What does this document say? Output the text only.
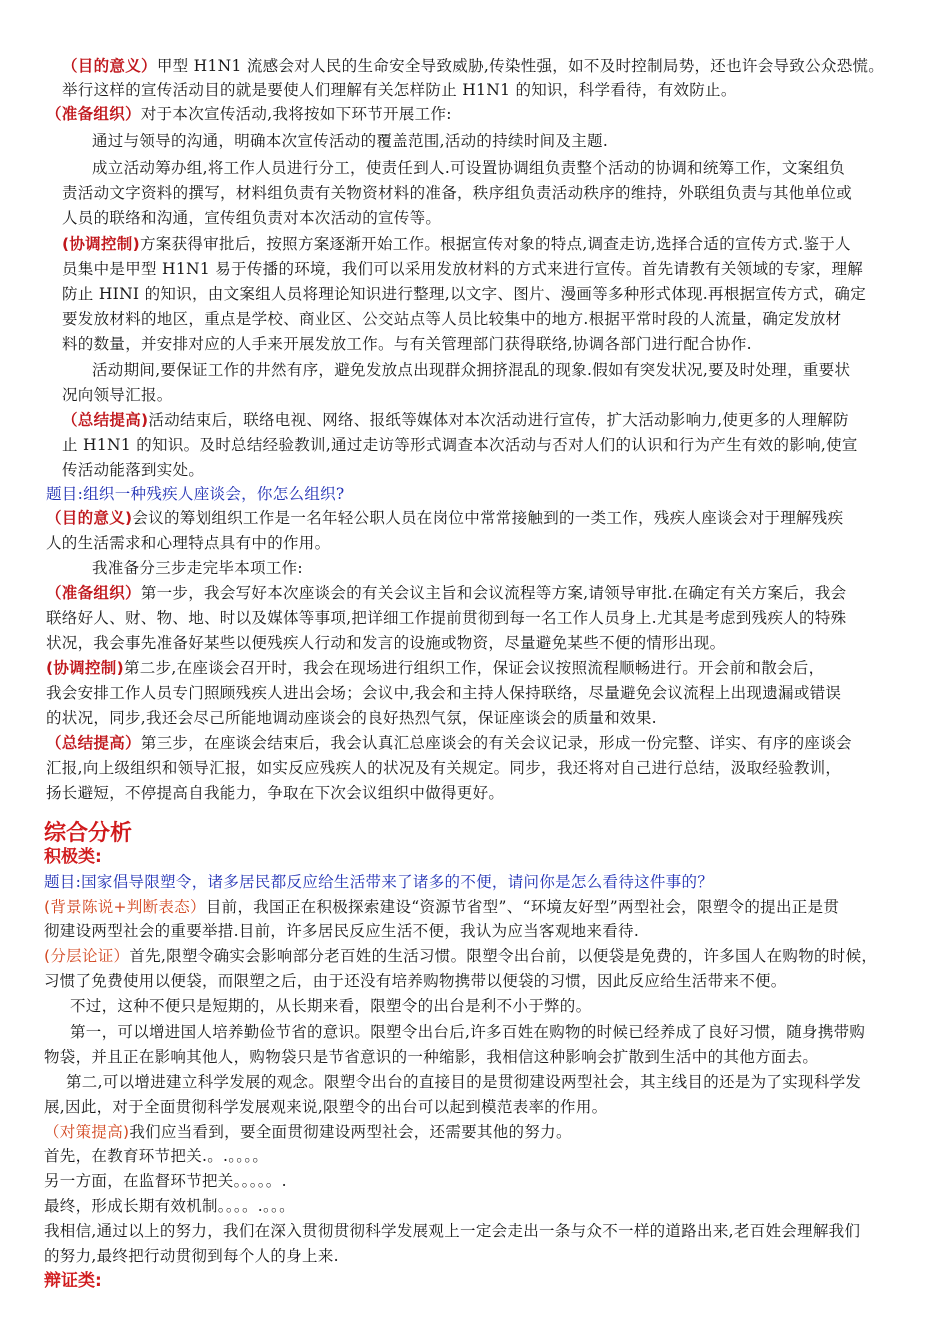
（目的意义）甲型 H1N1 流感会对人民的生命安全导致威胁,传染性强，如不及时控制局势，还也许会导致公众恐慌。
举行这样的宣传活动目的就是要使人们理解有关怎样防止 H1N1 的知识，科学看待，有效防止。
（准备组织）对于本次宣传活动,我将按如下环节开展工作:
通过与领导的沟通，明确本次宣传活动的覆盖范围,活动的持续时间及主题.
成立活动筹办组,将工作人员进行分工，使责任到人.可设置协调组负责整个活动的协调和统筹工作，文案组负
责活动文字资料的撰写，材料组负责有关物资材料的准备，秩序组负责活动秩序的维持，外联组负责与其他单位或
人员的联络和沟通，宣传组负责对本次活动的宣传等。
(协调控制)方案获得审批后，按照方案逐渐开始工作。根据宣传对象的特点,调查走访,选择合适的宣传方式.鉴于人
员集中是甲型 H1N1 易于传播的环境，我们可以采用发放材料的方式来进行宣传。首先请教有关领域的专家，理解
防止 HINI 的知识，由文案组人员将理论知识进行整理,以文字、图片、漫画等多种形式体现.再根据宣传方式，确定
要发放材料的地区，重点是学校、商业区、公交站点等人员比较集中的地方.根据平常时段的人流量，确定发放材
料的数量，并安排对应的人手来开展发放工作。与有关管理部门获得联络,协调各部门进行配合协作.
活动期间,要保证工作的井然有序，避免发放点出现群众拥挤混乱的现象.假如有突发状况,要及时处理，重要状
况向领导汇报。
（总结提高)活动结束后，联络电视、网络、报纸等媒体对本次活动进行宣传，扩大活动影响力,使更多的人理解防
止 H1N1 的知识。及时总结经验教训,通过走访等形式调查本次活动与否对人们的认识和行为产生有效的影响,使宣
传活动能落到实处。
题目:组织一种残疾人座谈会，你怎么组织?
（目的意义)会议的筹划组织工作是一名年轻公职人员在岗位中常常接触到的一类工作，残疾人座谈会对于理解残疾
人的生活需求和心理特点具有中的作用。
我准备分三步走完毕本项工作:
（准备组织）第一步，我会写好本次座谈会的有关会议主旨和会议流程等方案,请领导审批.在确定有关方案后，我会
联络好人、财、物、地、时以及媒体等事项,把详细工作提前贯彻到每一名工作人员身上.尤其是考虑到残疾人的特殊
状况，我会事先准备好某些以便残疾人行动和发言的设施或物资，尽量避免某些不便的情形出现。
(协调控制)第二步,在座谈会召开时，我会在现场进行组织工作，保证会议按照流程顺畅进行。开会前和散会后，
我会安排工作人员专门照顾残疾人进出会场；会议中,我会和主持人保持联络，尽量避免会议流程上出现遗漏或错误
的状况，同步,我还会尽己所能地调动座谈会的良好热烈气氛，保证座谈会的质量和效果.
（总结提高）第三步，在座谈会结束后，我会认真汇总座谈会的有关会议记录，形成一份完整、详实、有序的座谈会
汇报,向上级组织和领导汇报，如实反应残疾人的状况及有关规定。同步，我还将对自己进行总结，汲取经验教训，
扬长避短，不停提高自我能力，争取在下次会议组织中做得更好。
综合分析
积极类:
题目:国家倡导限塑令，诸多居民都反应给生活带来了诸多的不便，请问你是怎么看待这件事的？
(背景陈说+判断表态）目前，我国正在积极探索建设“资源节省型”、“环境友好型”两型社会，限塑令的提出正是贯
彻建设两型社会的重要举措.目前，许多居民反应生活不便，我认为应当客观地来看待.
(分层论证）首先,限塑令确实会影响部分老百姓的生活习惯。限塑令出台前，以便袋是免费的，许多国人在购物的时候，
习惯了免费使用以便袋，而限塑之后，由于还没有培养购物携带以便袋的习惯，因此反应给生活带来不便。
不过，这种不便只是短期的，从长期来看，限塑令的出台是利不小于弊的。
第一，可以增进国人培养勤俭节省的意识。限塑令出台后,许多百姓在购物的时候已经养成了良好习惯，随身携带购
物袋，并且正在影响其他人，购物袋只是节省意识的一种缩影，我相信这种影响会扩散到生活中的其他方面去。
第二,可以增进建立科学发展的观念。限塑令出台的直接目的是贯彻建设两型社会，其主线目的还是为了实现科学发
展,因此，对于全面贯彻科学发展观来说,限塑令的出台可以起到模范表率的作用。
（对策提高)我们应当看到，要全面贯彻建设两型社会，还需要其他的努力。
首先，在教育环节把关.。.。。。。
另一方面，在监督环节把关。。。。。.
最终，形成长期有效机制。。。。.。。。
我相信,通过以上的努力，我们在深入贯彻贯彻科学发展观上一定会走出一条与众不一样的道路出来,老百姓会理解我们
的努力,最终把行动贯彻到每个人的身上来.
辩证类:
